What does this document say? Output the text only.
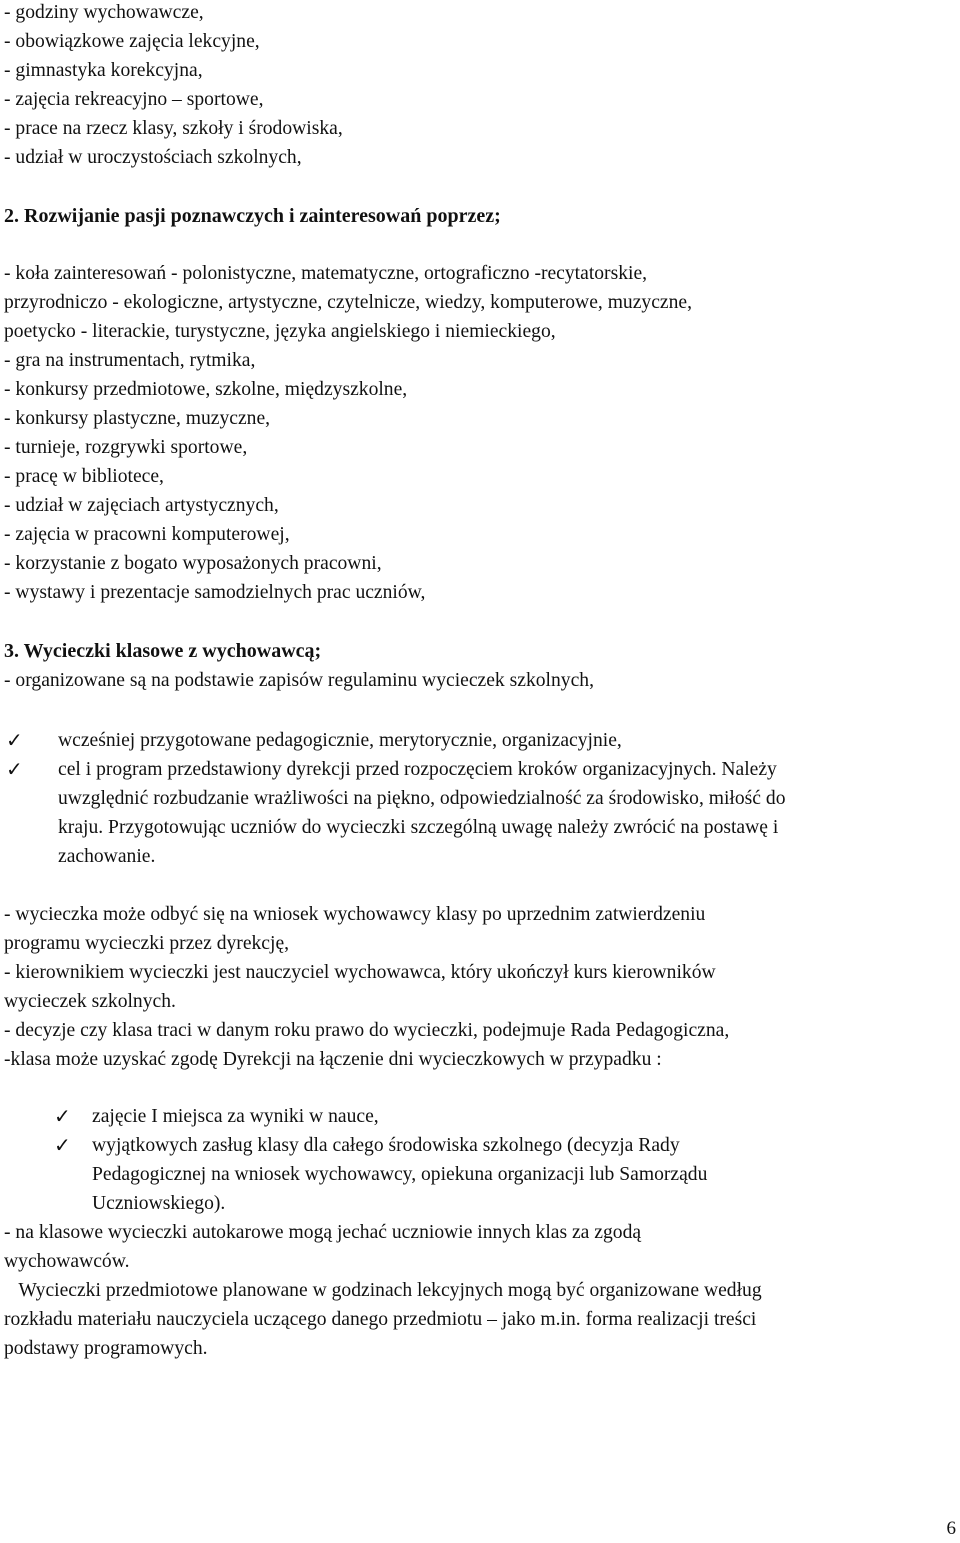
- godziny wychowawcze,
- obowiązkowe zajęcia lekcyjne,
- gimnastyka korekcyjna,
- zajęcia rekreacyjno – sportowe,
- prace na rzecz klasy, szkoły i środowiska,
- udział w uroczystościach szkolnych,
2. Rozwijanie pasji poznawczych i zainteresowań poprzez;
- koła zainteresowań - polonistyczne, matematyczne, ortograficzno -recytatorskie,
przyrodniczo - ekologiczne, artystyczne, czytelnicze, wiedzy, komputerowe, muzyczne,
poetycko - literackie, turystyczne, języka angielskiego i niemieckiego,
- gra na instrumentach, rytmika,
- konkursy przedmiotowe, szkolne, międzyszkolne,
- konkursy plastyczne, muzyczne,
- turnieje, rozgrywki sportowe,
- pracę w bibliotece,
- udział w zajęciach artystycznych,
- zajęcia w pracowni komputerowej,
- korzystanie z bogato wyposażonych pracowni,
- wystawy i prezentacje samodzielnych prac uczniów,
3. Wycieczki klasowe z wychowawcą;
- organizowane są na podstawie zapisów regulaminu wycieczek szkolnych,
✓ wcześniej przygotowane pedagogicznie, merytorycznie, organizacyjnie,
✓ cel i program przedstawiony dyrekcji przed rozpoczęciem kroków organizacyjnych. Należy
uwzględnić rozbudzanie wrażliwości na piękno, odpowiedzialność za środowisko, miłość do
kraju. Przygotowując uczniów do wycieczki szczególną uwagę należy zwrócić na postawę i
zachowanie.
- wycieczka może odbyć się na wniosek wychowawcy klasy po uprzednim zatwierdzeniu
programu wycieczki przez dyrekcję,
- kierownikiem wycieczki jest nauczyciel wychowawca, który ukończył kurs kierowników
wycieczek szkolnych.
- decyzje czy klasa traci w danym roku prawo do wycieczki, podejmuje Rada Pedagogiczna,
-klasa może uzyskać zgodę Dyrekcji na łączenie dni wycieczkowych w przypadku :
✓ zajęcie I miejsca za wyniki w nauce,
✓ wyjątkowych zasług klasy dla całego środowiska szkolnego (decyzja Rady
Pedagogicznej na wniosek wychowawcy, opiekuna organizacji lub Samorządu
Uczniowskiego).
- na klasowe wycieczki autokarowe mogą jechać uczniowie innych klas za zgodą
wychowawców.
Wycieczki przedmiotowe planowane w godzinach lekcyjnych mogą być organizowane według
rozkładu materiału nauczyciela uczącego danego przedmiotu – jako m.in. forma realizacji treści
podstawy programowych.
6
